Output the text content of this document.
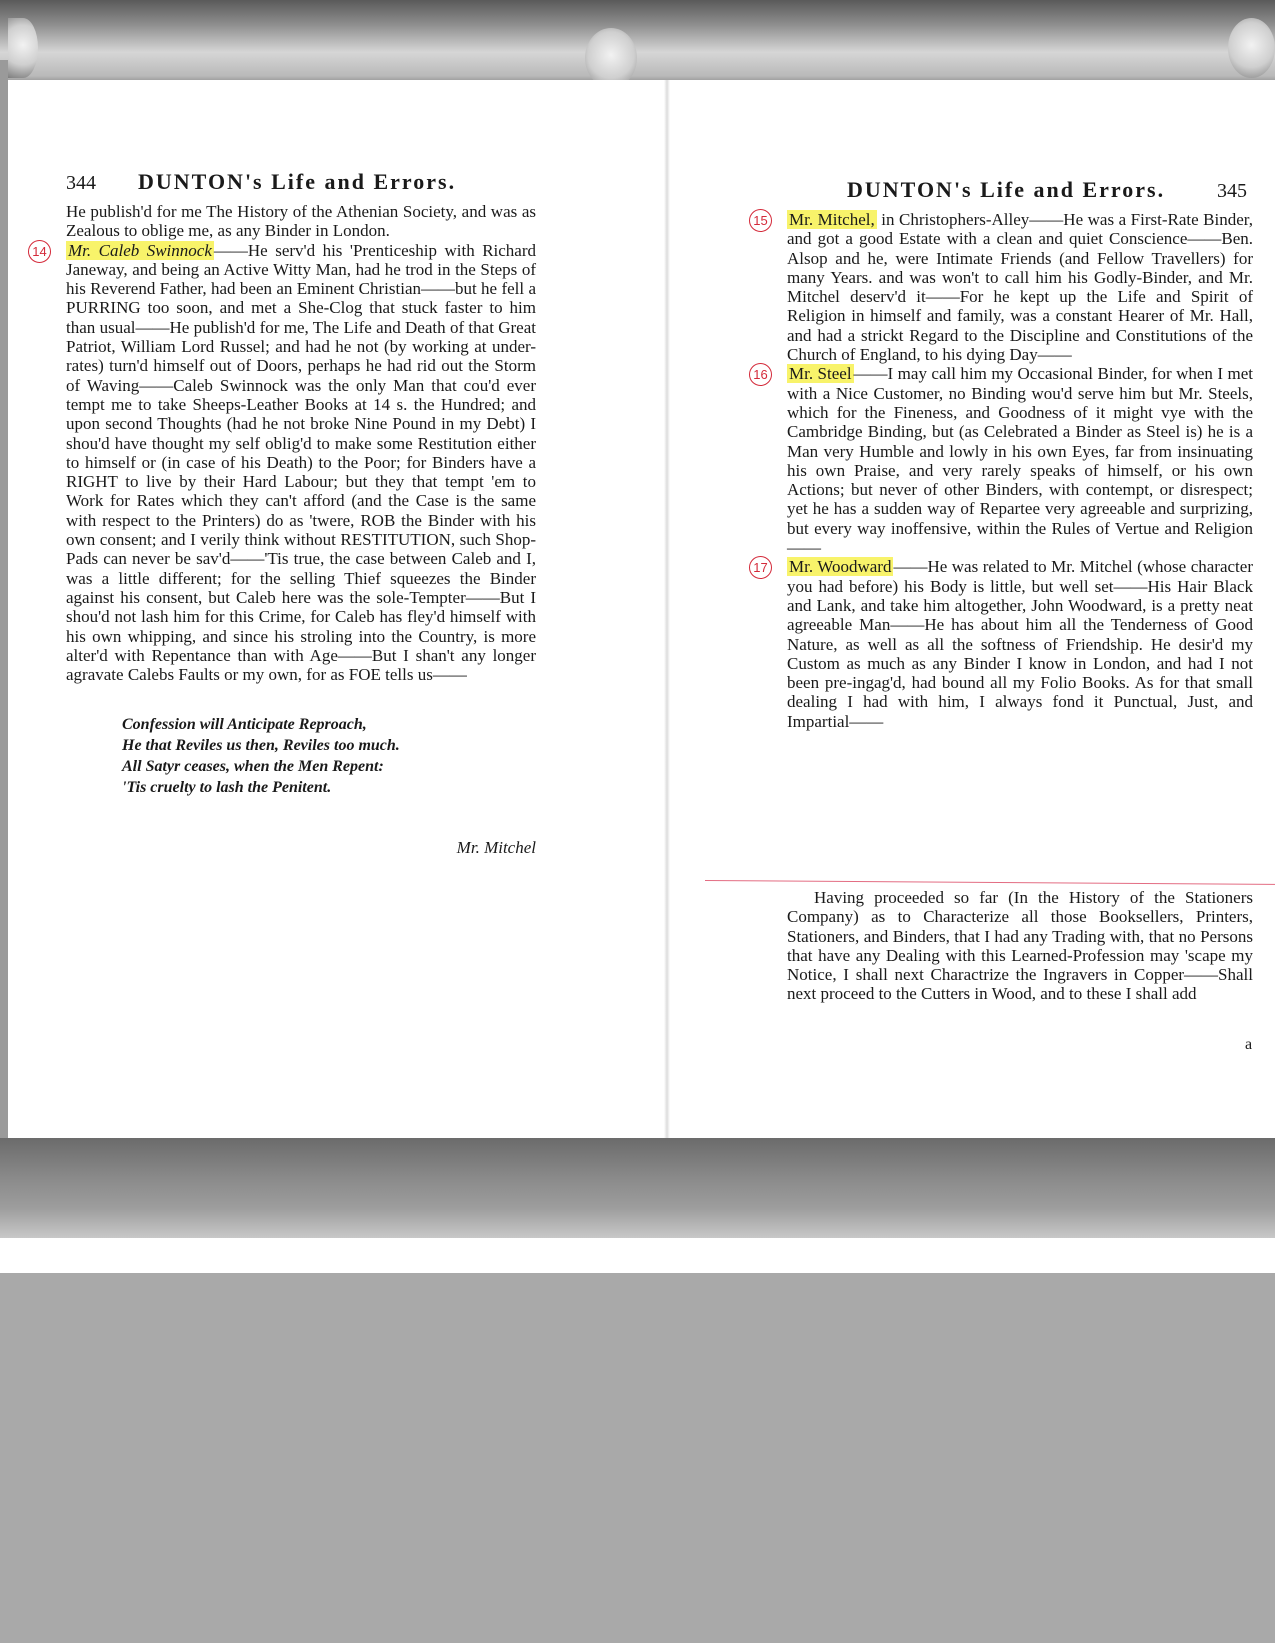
344 DUNTON's Life and Errors.

He publish'd for me The History of the Athenian Society, and was as Zealous to oblige me, as any Binder in London.

14 Mr. Caleb Swinnock ——He serv'd his 'Prenticeship with Richard Janeway, and being an Active Witty Man, had he trod in the Steps of his Reverend Father, had been an Eminent Christian——but he fell a PURRING too soon, and met a She-Clog that stuck faster to him than usual——He publish'd for me, The Life and Death of that Great Patriot, William Lord Russel; and had he not (by working at under-rates) turn'd himself out of Doors, perhaps he had rid out the Storm of Waving——Caleb Swinnock was the only Man that cou'd ever tempt me to take Sheeps-Leather Books at 14 s. the Hundred; and upon second Thoughts (had he not broke Nine Pound in my Debt) I shou'd have thought my self oblig'd to make some Restitution either to himself or (in case of his Death) to the Poor; for Binders have a RIGHT to live by their Hard Labour; but they that tempt 'em to Work for Rates which they can't afford (and the Case is the same with respect to the Printers) do as 'twere, ROB the Binder with his own consent; and I verily think without RESTITUTION, such Shop-Pads can never be sav'd——'Tis true, the case between Caleb and I, was a little different; for the selling Thief squeezes the Binder against his consent, but Caleb here was the sole-Tempter——But I shou'd not lash him for this Crime, for Caleb has fley'd himself with his own whipping, and since his stroling into the Country, is more alter'd with Repentance than with Age——But I shan't any longer agravate Calebs Faults or my own, for as FOE tells us——

Confession will Anticipate Reproach,
He that Reviles us then, Reviles too much.
All Satyr ceases, when the Men Repent:
'Tis cruelty to lash the Penitent.
Mr. Mitchel
DUNTON's Life and Errors.	345
15 Mr. Mitchel, in Christophers-Alley——He was a First-Rate Binder, and got a good Estate with a clean and quiet Conscience——Ben. Alsop and he, were Intimate Friends (and Fellow Travellers) for many Years. and was won't to call him his Godly-Binder, and Mr. Mitchel deserv'd it——For he kept up the Life and Spirit of Religion in himself and family, was a constant Hearer of Mr. Hall, and had a strickt Regard to the Discipline and Constitutions of the Church of England, to his dying Day——

16 Mr. Steel ——I may call him my Occasional Binder, for when I met with a Nice Customer, no Binding wou'd serve him but Mr. Steels, which for the Fineness, and Goodness of it might vye with the Cambridge Binding, but (as Celebrated a Binder as Steel is) he is a Man very Humble and lowly in his own Eyes, far from insinuating his own Praise, and very rarely speaks of himself, or his own Actions; but never of other Binders, with contempt, or disrespect; yet he has a sudden way of Repartee very agreeable and surprizing, but every way inoffensive, within the Rules of Vertue and Religion——

17 Mr. Woodward ——He was related to Mr. Mitchel (whose character you had before) his Body is little, but well set——His Hair Black and Lank, and take him altogether, John Woodward, is a pretty neat agreeable Man——He has about him all the Tenderness of Good Nature, as well as all the softness of Friendship. He desir'd my Custom as much as any Binder I know in London, and had I not been pre-ingag'd, had bound all my Folio Books. As for that small dealing I had with him, I always fond it Punctual, Just, and Impartial——

Having proceeded so far (In the History of the Stationers Company) as to Characterize all those Booksellers, Printers, Stationers, and Binders, that I had any Trading with, that no Persons that have any Dealing with this Learned-Profession may 'scape my Notice, I shall next Charactrize the Ingravers in Copper——Shall next proceed to the Cutters in Wood, and to these I shall add

a
